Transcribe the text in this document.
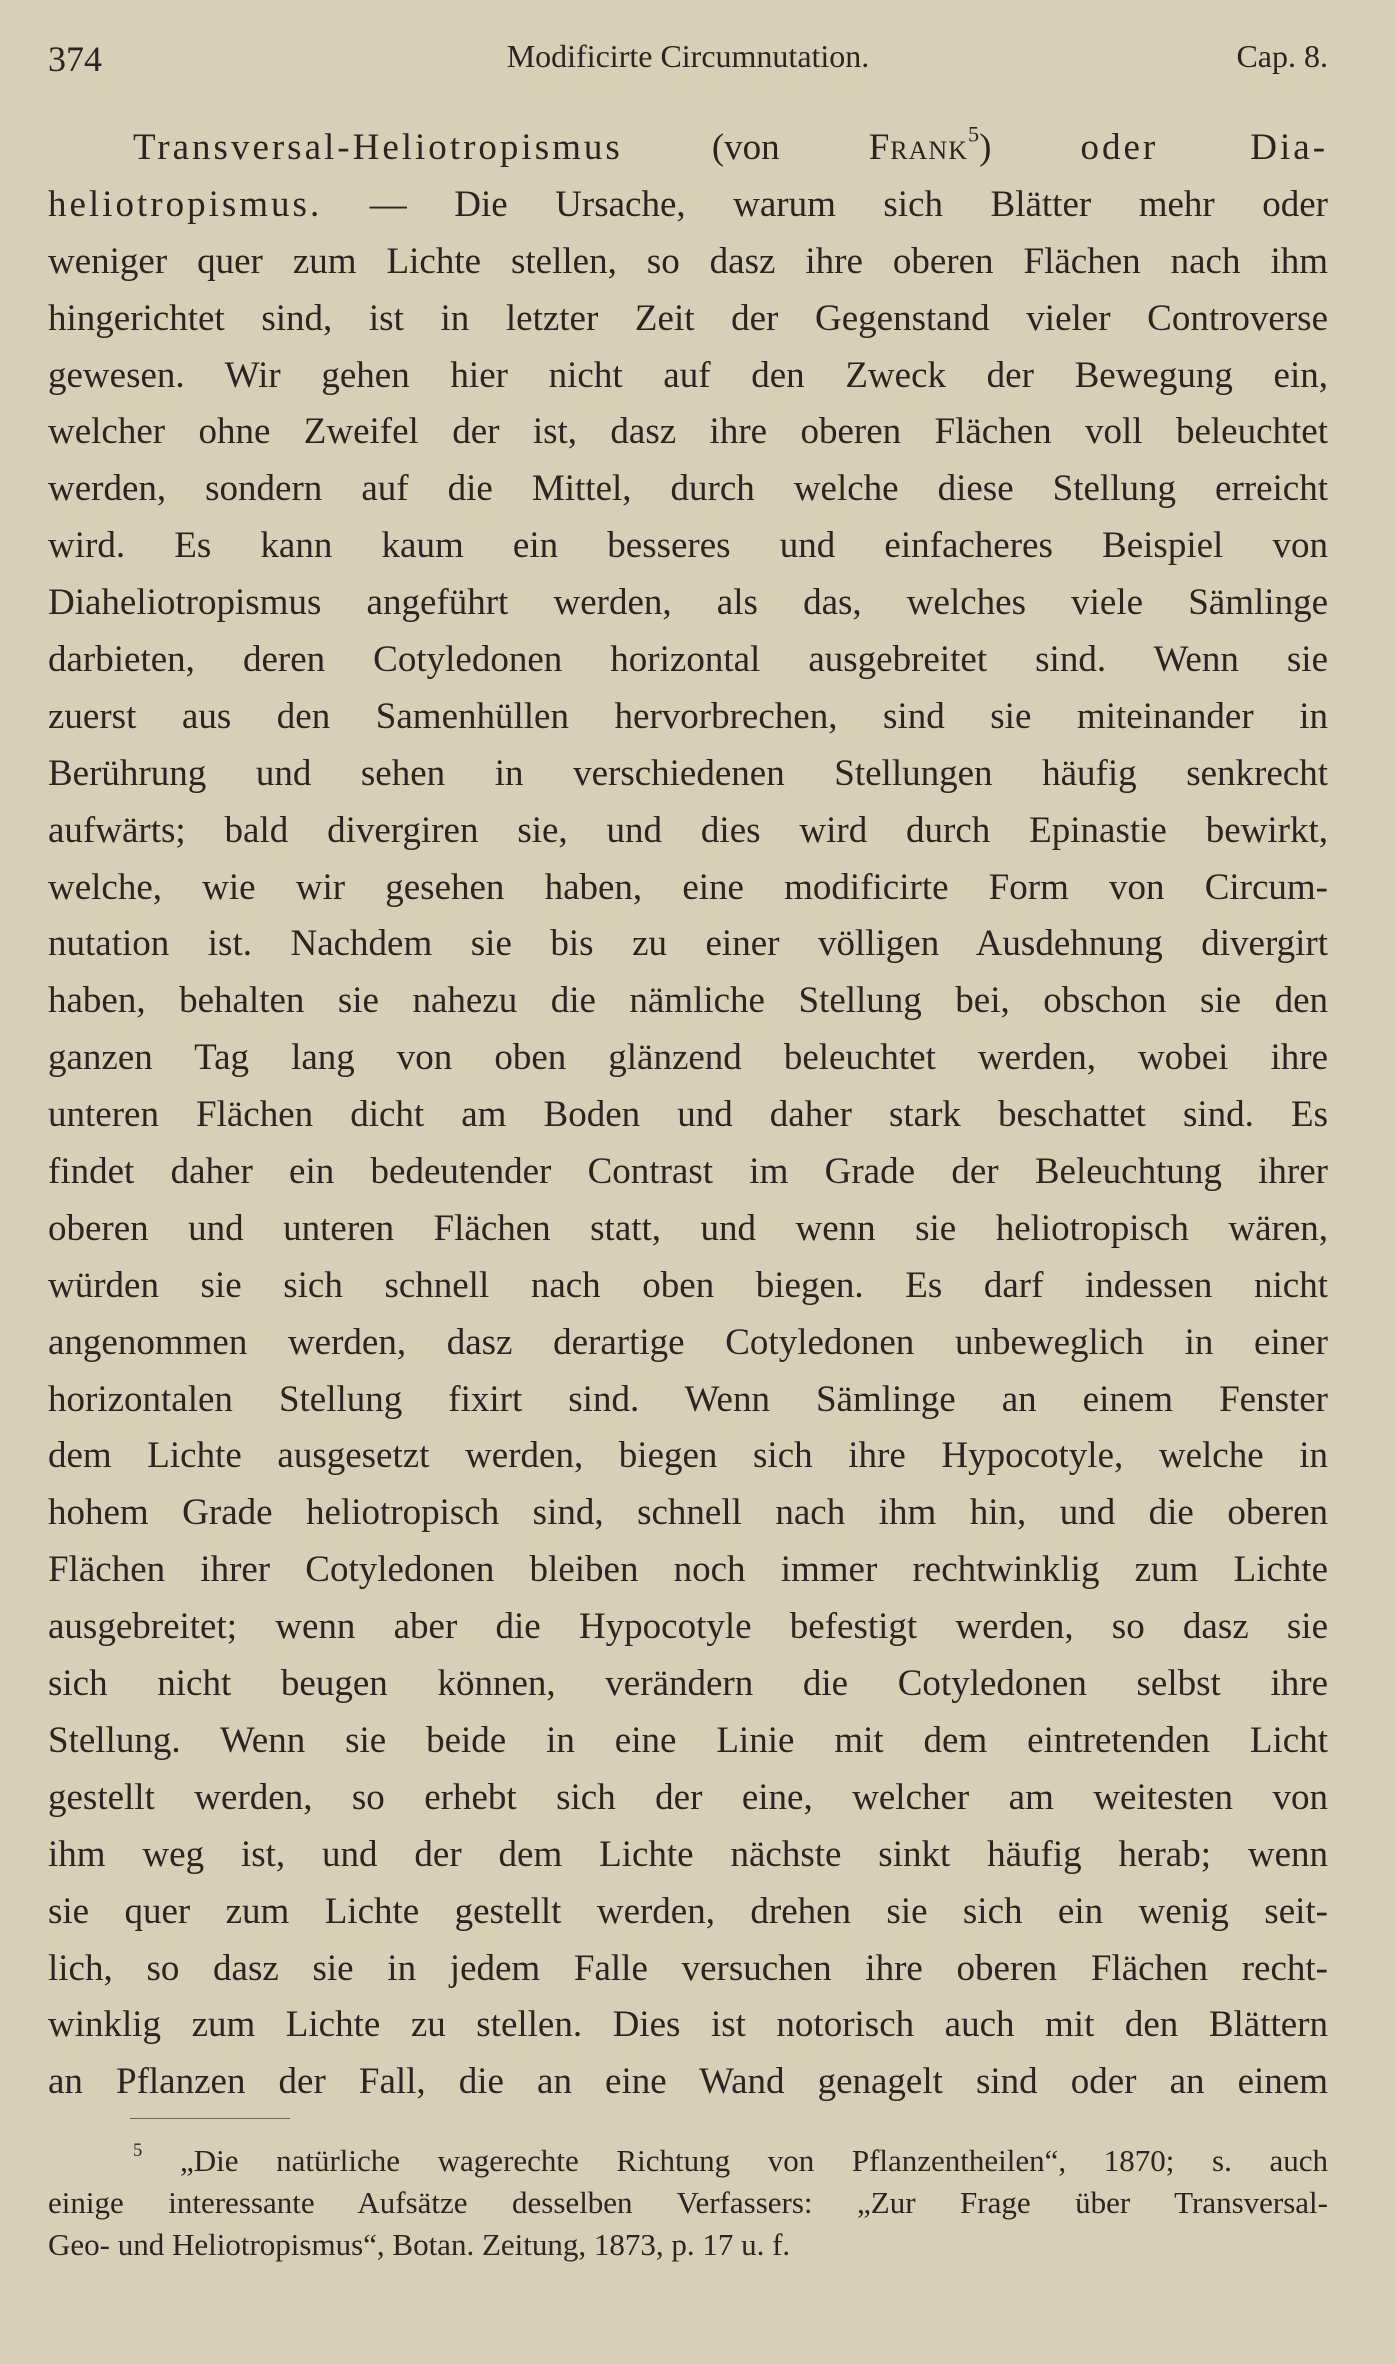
374	Modificirte Circumnutation.	Cap. 8.
Transversal-Heliotropismus (von Frank$^5$) oder Dia-
heliotropismus. — Die Ursache, warum sich Blätter mehr oder
weniger quer zum Lichte stellen, so dasz ihre oberen Flächen nach ihm
hingerichtet sind, ist in letzter Zeit der Gegenstand vieler Controverse
gewesen. Wir gehen hier nicht auf den Zweck der Bewegung ein,
welcher ohne Zweifel der ist, dasz ihre oberen Flächen voll beleuchtet
werden, sondern auf die Mittel, durch welche diese Stellung erreicht
wird. Es kann kaum ein besseres und einfacheres Beispiel von
Diaheliotropismus angeführt werden, als das, welches viele Sämlinge
darbieten, deren Cotyledonen horizontal ausgebreitet sind. Wenn sie
zuerst aus den Samenhüllen hervorbrechen, sind sie miteinander in
Berührung und sehen in verschiedenen Stellungen häufig senkrecht
aufwärts; bald divergiren sie, und dies wird durch Epinastie bewirkt,
welche, wie wir gesehen haben, eine modificirte Form von Circum-
nutation ist. Nachdem sie bis zu einer völligen Ausdehnung divergirt
haben, behalten sie nahezu die nämliche Stellung bei, obschon sie den
ganzen Tag lang von oben glänzend beleuchtet werden, wobei ihre
unteren Flächen dicht am Boden und daher stark beschattet sind. Es
findet daher ein bedeutender Contrast im Grade der Beleuchtung ihrer
oberen und unteren Flächen statt, und wenn sie heliotropisch wären,
würden sie sich schnell nach oben biegen. Es darf indessen nicht
angenommen werden, dasz derartige Cotyledonen unbeweglich in einer
horizontalen Stellung fixirt sind. Wenn Sämlinge an einem Fenster
dem Lichte ausgesetzt werden, biegen sich ihre Hypocotyle, welche in
hohem Grade heliotropisch sind, schnell nach ihm hin, und die oberen
Flächen ihrer Cotyledonen bleiben noch immer rechtwinklig zum Lichte
ausgebreitet; wenn aber die Hypocotyle befestigt werden, so dasz sie
sich nicht beugen können, verändern die Cotyledonen selbst ihre
Stellung. Wenn sie beide in eine Linie mit dem eintretenden Licht
gestellt werden, so erhebt sich der eine, welcher am weitesten von
ihm weg ist, und der dem Lichte nächste sinkt häufig herab; wenn
sie quer zum Lichte gestellt werden, drehen sie sich ein wenig seit-
lich, so dasz sie in jedem Falle versuchen ihre oberen Flächen recht-
winklig zum Lichte zu stellen. Dies ist notorisch auch mit den Blättern
an Pflanzen der Fall, die an eine Wand genagelt sind oder an einem
$^5$ „Die natürliche wagerechte Richtung von Pflanzentheilen“, 1870; s. auch
einige interessante Aufsätze desselben Verfassers: „Zur Frage über Transversal-
Geo- und Heliotropismus“, Botan. Zeitung, 1873, p. 17 u. f.
